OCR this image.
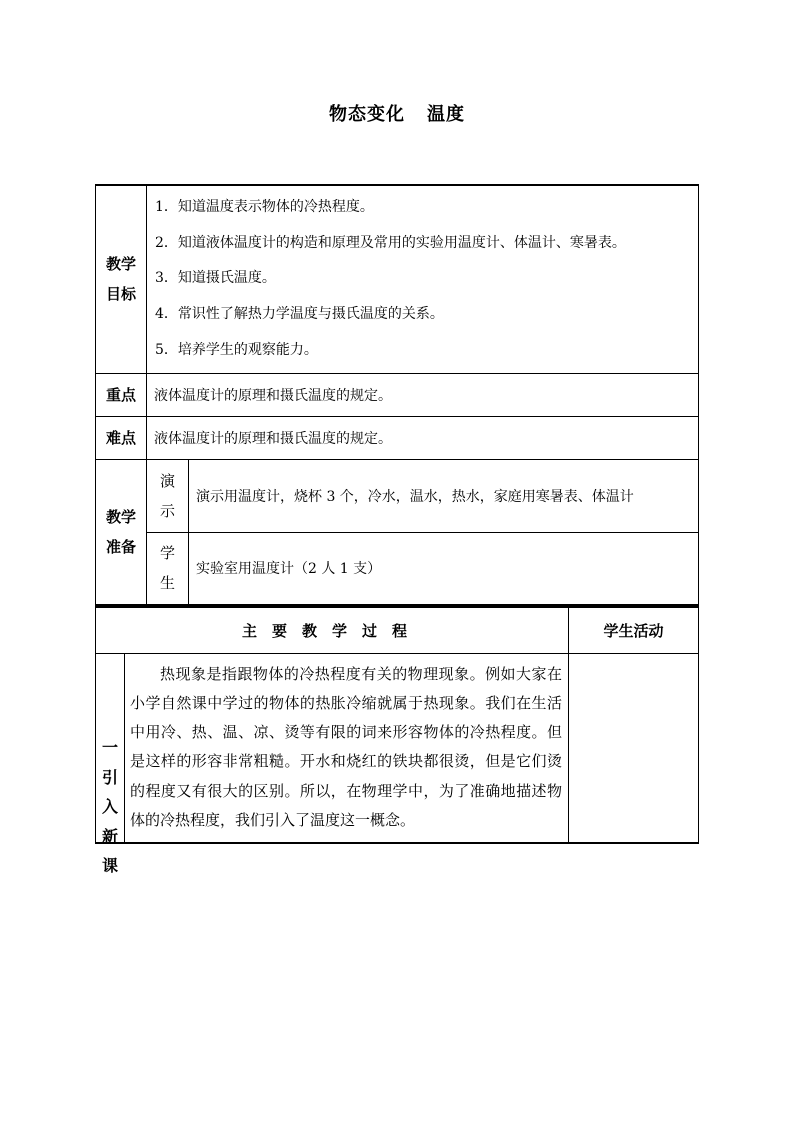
物态变化 温度
教学目标	1．知道温度表示物体的冷热程度。
2．知道液体温度计的构造和原理及常用的实验用温度计、体温计、寒暑表。
3．知道摄氏温度。
4．常识性了解热力学温度与摄氏温度的关系。
5．培养学生的观察能力。	

重点	液体温度计的原理和摄氏温度的规定。	
难点	液体温度计的原理和摄氏温度的规定。	

教学准备	演示	演示用温度计，烧杯 3 个，冷水，温水，热水，家庭用寒暑表、体温计

	学生	实验室用温度计（2 人 1 支）
主要教学过程		学生活动

一引入新课	热现象是指跟物体的冷热程度有关的物理现象。例如大家在小学自然课中学过的物体的热胀冷缩就属于热现象。我们在生活中用冷、热、温、凉、烫等有限的词来形容物体的冷热程度。但是这样的形容非常粗糙。开水和烧红的铁块都很烫，但是它们烫的程度又有很大的区别。所以，在物理学中，为了准确地描述物体的冷热程度，我们引入了温度这一概念。	
